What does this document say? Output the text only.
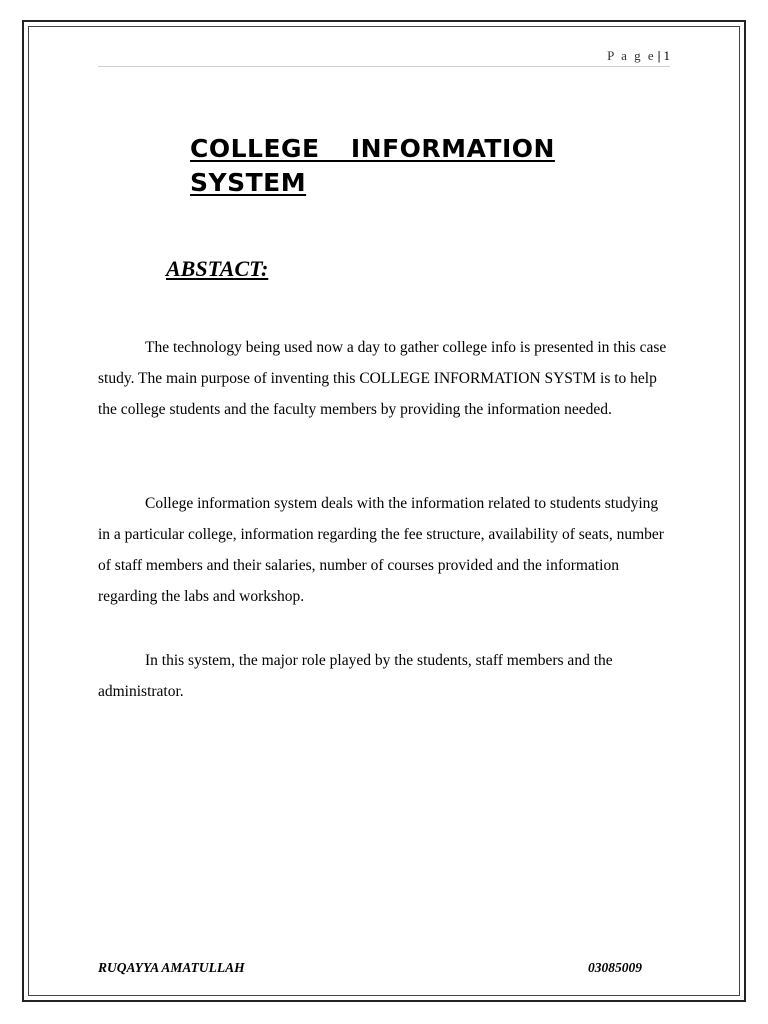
P a g e | 1
COLLEGE INFORMATION SYSTEM
ABSTACT:

The technology being used now a day to gather college info is presented in this case study. The main purpose of inventing this COLLEGE INFORMATION SYSTM is to help the college students and the faculty members by providing the information needed.

College information system deals with the information related to students studying in a particular college, information regarding the fee structure, availability of seats, number of staff members and their salaries, number of courses provided and the information regarding the labs and workshop.

In this system, the major role played by the students, staff members and the administrator.

RUQAYYA AMATULLAH	03085009
